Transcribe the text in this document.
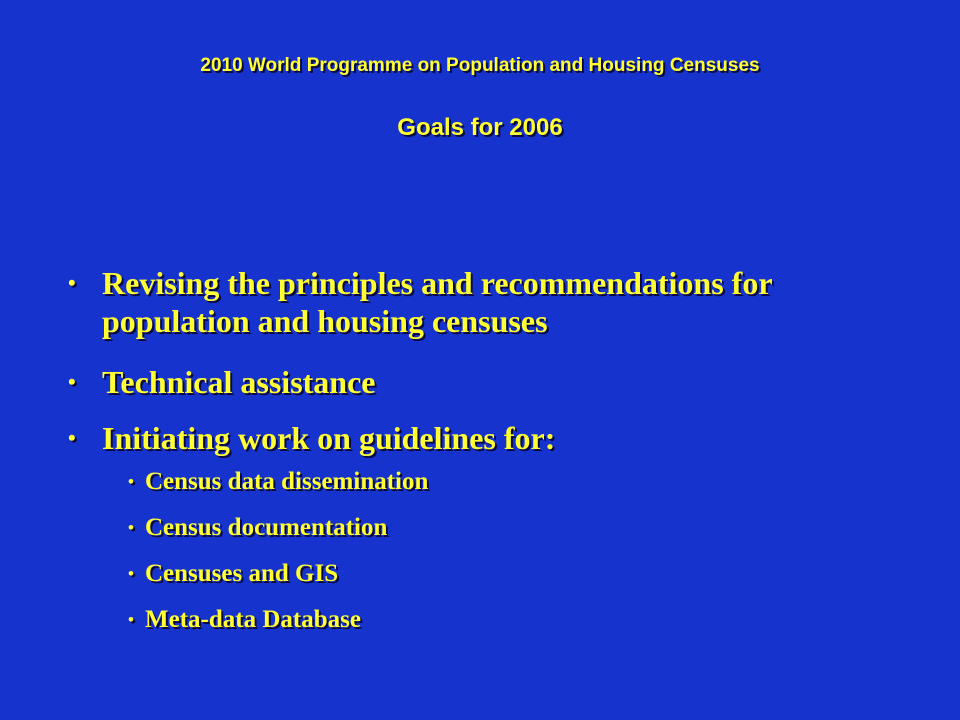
2010 World Programme on Population and Housing Censuses
Goals for 2006
• Revising the principles and recommendations for population and housing censuses
• Technical assistance
• Initiating work on guidelines for:
• Census data dissemination
• Census documentation
• Censuses and GIS
• Meta-data Database
